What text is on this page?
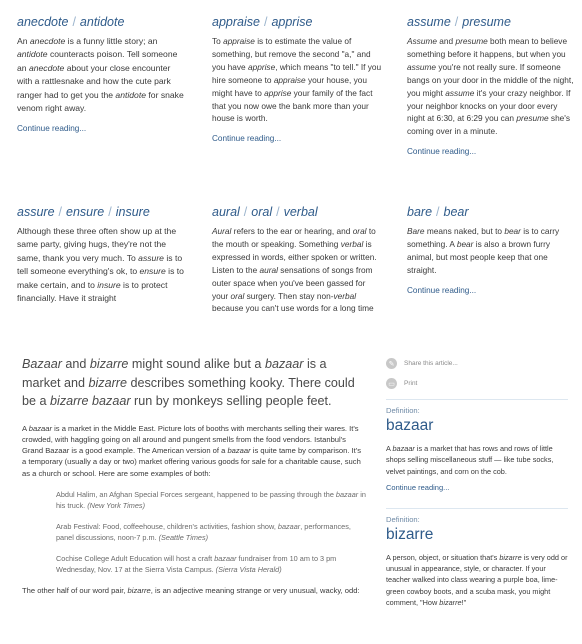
anecdote / antidote
An anecdote is a funny little story; an antidote counteracts poison. Tell someone an anecdote about your close encounter with a rattlesnake and how the cute park ranger had to get you the antidote for snake venom right away.
Continue reading...
appraise / apprise
To appraise is to estimate the value of something, but remove the second "a," and you have apprise, which means "to tell." If you hire someone to appraise your house, you might have to apprise your family of the fact that you now owe the bank more than your house is worth.
Continue reading...
assume / presume
Assume and presume both mean to believe something before it happens, but when you assume you're not really sure. If someone bangs on your door in the middle of the night, you might assume it's your crazy neighbor. If your neighbor knocks on your door every night at 6:30, at 6:29 you can presume she's coming over in a minute.
Continue reading...
assure / ensure / insure
Although these three often show up at the same party, giving hugs, they're not the same, thank you very much. To assure is to tell someone everything's ok, to ensure is to make certain, and to insure is to protect financially. Have it straight
aural / oral / verbal
Aural refers to the ear or hearing, and oral to the mouth or speaking. Something verbal is expressed in words, either spoken or written. Listen to the aural sensations of songs from outer space when you've been gassed for your oral surgery. Then stay non-verbal because you can't use words for a long time
bare / bear
Bare means naked, but to bear is to carry something. A bear is also a brown furry animal, but most people keep that one straight.
Continue reading...
Bazaar and bizarre might sound alike but a bazaar is a market and bizarre describes something kooky. There could be a bizarre bazaar run by monkeys selling people feet.
A bazaar is a market in the Middle East. Picture lots of booths with merchants selling their wares. It's crowded, with haggling going on all around and pungent smells from the food vendors. Istanbul's Grand Bazaar is a good example. The American version of a bazaar is quite tame by comparison. It's a temporary (usually a day or two) market offering various goods for sale for a charitable cause, such as a church or school. Here are some examples of both:
Abdul Halim, an Afghan Special Forces sergeant, happened to be passing through the bazaar in his truck. (New York Times)
Arab Festival: Food, coffeehouse, children's activities, fashion show, bazaar, performances, panel discussions, noon-7 p.m. (Seattle Times)
Cochise College Adult Education will host a craft bazaar fundraiser from 10 am to 3 pm Wednesday, Nov. 17 at the Sierra Vista Campus. (Sierra Vista Herald)
The other half of our word pair, bizarre, is an adjective meaning strange or very unusual, wacky, odd:
✎	Share this article...
▭	Print
Definition:
bazaar
A bazaar is a market that has rows and rows of little shops selling miscellaneous stuff — like tube socks, velvet paintings, and corn on the cob.
Continue reading...
Definition:
bizarre
A person, object, or situation that's bizarre is very odd or unusual in appearance, style, or character. If your teacher walked into class wearing a purple boa, lime-green cowboy boots, and a scuba mask, you might comment, "How bizarre!"
